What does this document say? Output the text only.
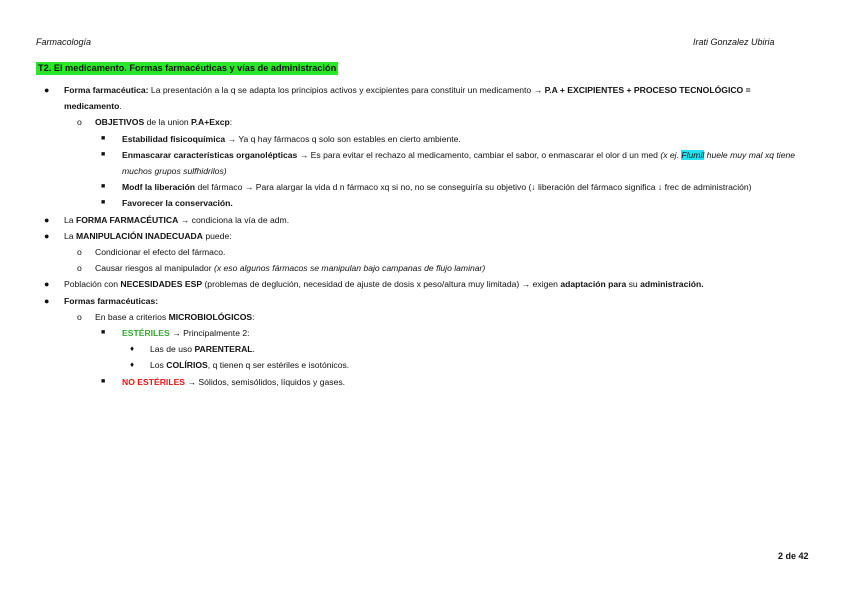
Farmacología	Irati Gonzalez Ubiria
T2. El medicamento. Formas farmacéuticas y vías de administración
● Forma farmacéutica: La presentación a la q se adapta los principios activos y excipientes para constituir un medicamento → P.A + EXCIPIENTES + PROCESO TECNOLÓGICO = medicamento.
o OBJETIVOS de la union P.A+Excp:
■ Estabilidad fisicoquímica → Ya q hay fármacos q solo son estables en cierto ambiente.
■ Enmascarar características organolépticas → Es para evitar el rechazo al medicamento, cambiar el sabor, o enmascarar el olor d un med (x ej. Flumil huele muy mal xq tiene muchos grupos sulfhidrilos)
■ Modf la liberación del fármaco → Para alargar la vida d n fármaco xq si no, no se conseguiría su objetivo (↓ liberación del fármaco significa ↓ frec de administración)
■ Favorecer la conservación.
● La FORMA FARMACÉUTICA → condiciona la vía de adm.
● La MANIPULACIÓN INADECUADA puede:
o Condicionar el efecto del fármaco.
o Causar riesgos al manipulador (x eso algunos fármacos se manipulan bajo campanas de flujo laminar)
● Población con NECESIDADES ESP (problemas de deglución, necesidad de ajuste de dosis x peso/altura muy limitada) → exigen adaptación para su administración.
● Formas farmacéuticas:
o En base a criterios MICROBIOLÓGICOS:
■ ESTÉRILES → Principalmente 2:
♦ Las de uso PARENTERAL.
♦ Los COLÍRIOS, q tienen q ser estériles e isotónicos.
■ NO ESTÉRILES → Sólidos, semisólidos, líquidos y gases.
2 de 42
